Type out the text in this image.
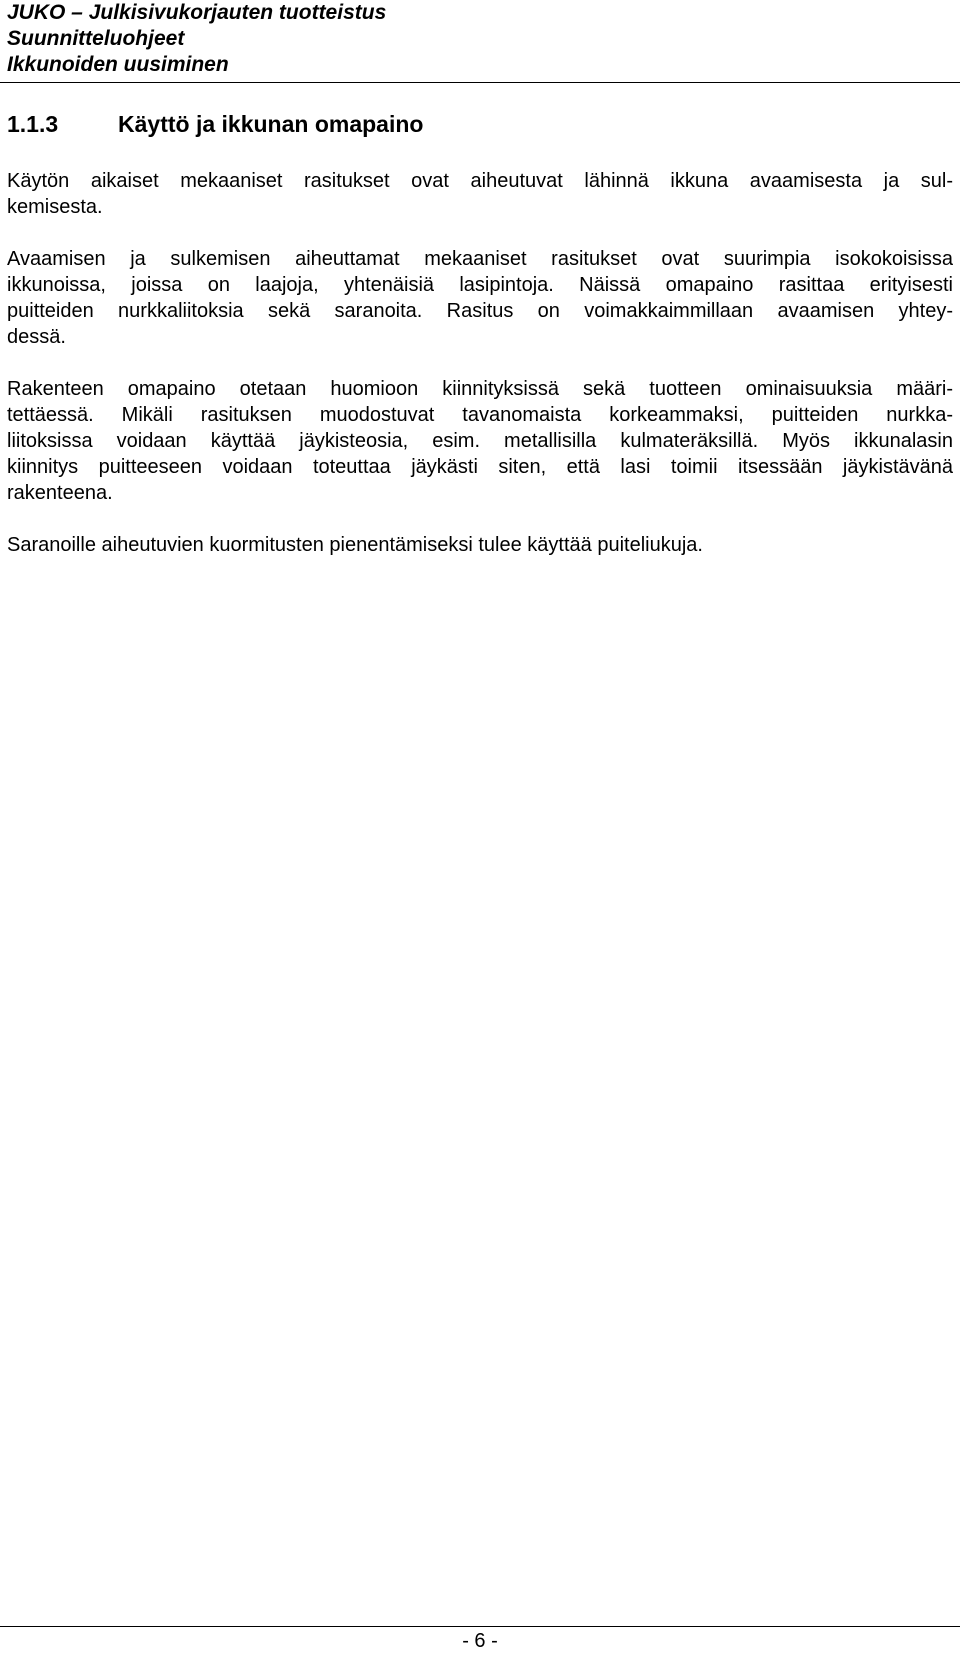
JUKO – Julkisivukorjauten tuotteistus
Suunnitteluohjeet
Ikkunoiden uusiminen
1.1.3	Käyttö ja ikkunan omapaino
Käytön aikaiset mekaaniset rasitukset ovat aiheutuvat lähinnä ikkuna avaamisesta ja sul-
kemisesta.
Avaamisen ja sulkemisen aiheuttamat mekaaniset rasitukset ovat suurimpia isokokoisissa
ikkunoissa, joissa on laajoja, yhtenäisiä lasipintoja. Näissä omapaino rasittaa erityisesti
puitteiden nurkkaliitoksia sekä saranoita. Rasitus on voimakkaimmillaan avaamisen yhtey-
dessä.
Rakenteen omapaino otetaan huomioon kiinnityksissä sekä tuotteen ominaisuuksia määri-
tettäessä. Mikäli rasituksen muodostuvat tavanomaista korkeammaksi, puitteiden nurkka-
liitoksissa voidaan käyttää jäykisteosia, esim. metallisilla kulmateräksillä. Myös ikkunalasin
kiinnitys puitteeseen voidaan toteuttaa jäykästi siten, että lasi toimii itsessään jäykistävänä
rakenteena.
Saranoille aiheutuvien kuormitusten pienentämiseksi tulee käyttää puiteliukuja.
- 6 -
